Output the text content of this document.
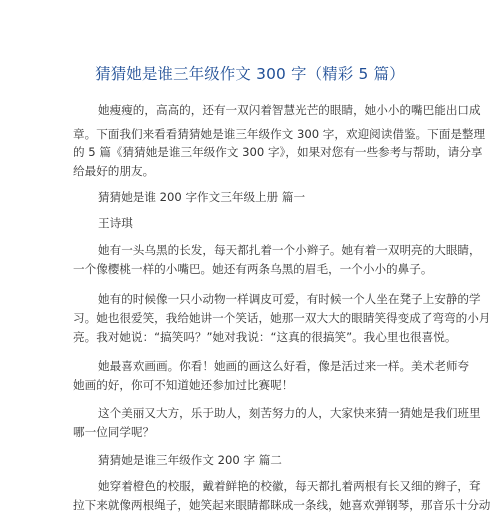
猜猜她是谁三年级作文 300 字（精彩 5 篇）
她瘦瘦的，高高的，还有一双闪着智慧光芒的眼睛，她小小的嘴巴能出口成
章。下面我们来看看猜猜她是谁三年级作文 300 字，欢迎阅读借鉴。下面是整理
的 5 篇《猜猜她是谁三年级作文 300 字》，如果对您有一些参考与帮助，请分享
给最好的朋友。
猜猜她是谁 200 字作文三年级上册 篇一
王诗琪
她有一头乌黑的长发，每天都扎着一个小辫子。她有着一双明亮的大眼睛，
一个像樱桃一样的小嘴巴。她还有两条乌黑的眉毛，一个小小的鼻子。
她有的时候像一只小动物一样调皮可爱，有时候一个人坐在凳子上安静的学
习。她也很爱笑，我给她讲一个笑话，她那一双大大的眼睛笑得变成了弯弯的小月
亮。我对她说：“搞笑吗？”她对我说：“这真的很搞笑”。我心里也很喜悦。
她最喜欢画画。你看！她画的画这么好看，像是活过来一样。美术老师夸
她画的好，你可不知道她还参加过比赛呢！
这个美丽又大方，乐于助人，刻苦努力的人，大家快来猜一猜她是我们班里
哪一位同学呢？
猜猜她是谁三年级作文 200 字 篇二
她穿着橙色的校服，戴着鲜艳的校徽，每天都扎着两根有长又细的辫子，耷
拉下来就像两根绳子，她笑起来眼睛都眯成一条线，她喜欢弹钢琴，那音乐十分动
